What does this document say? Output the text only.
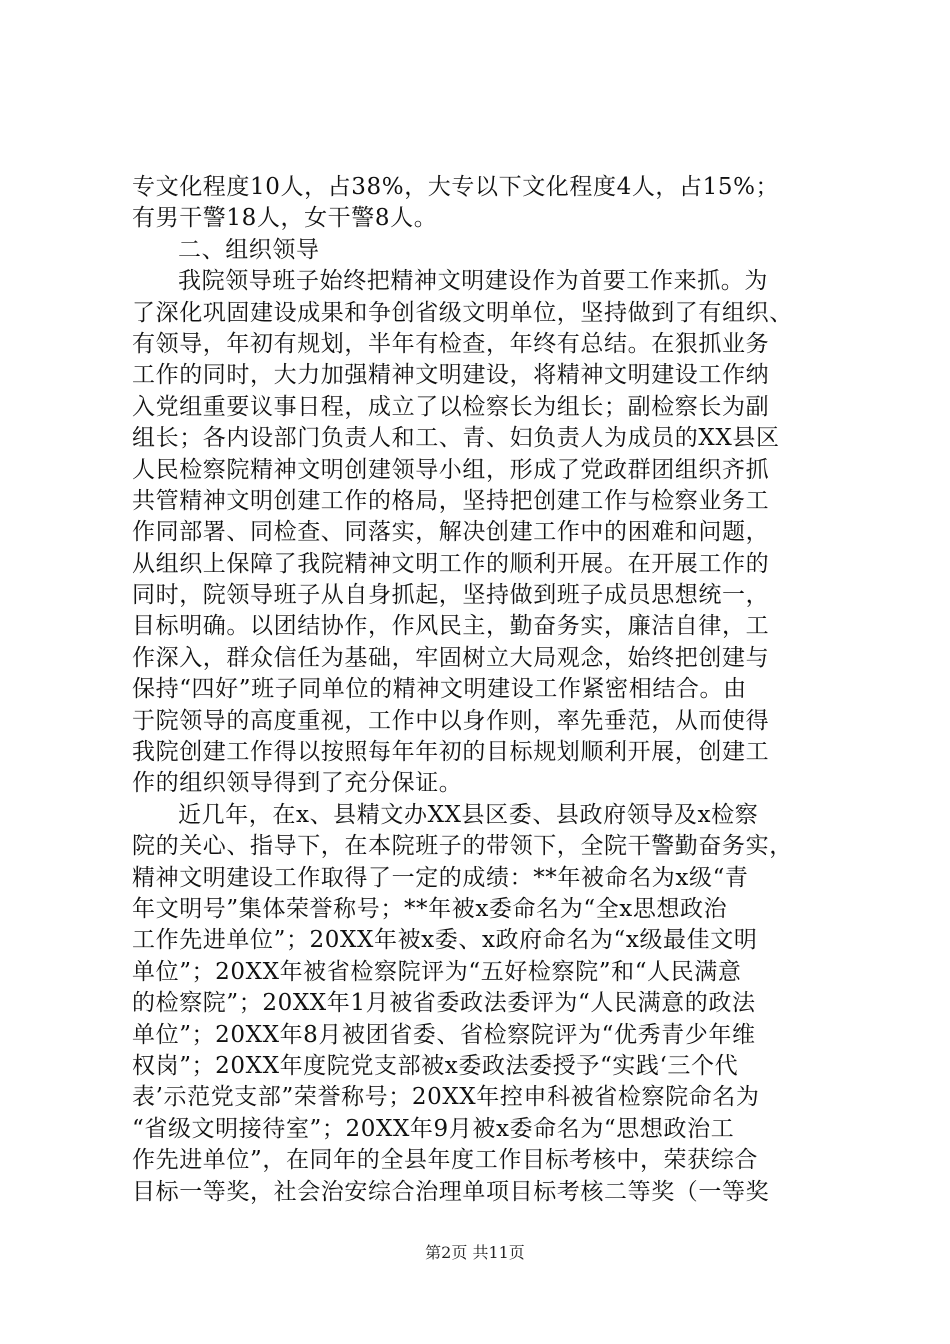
专文化程度10人，占38%，大专以下文化程度4人，占15%；
有男干警18人，女干警8人。
二、组织领导
我院领导班子始终把精神文明建设作为首要工作来抓。为
了深化巩固建设成果和争创省级文明单位，坚持做到了有组织、
有领导，年初有规划，半年有检查，年终有总结。在狠抓业务
工作的同时，大力加强精神文明建设，将精神文明建设工作纳
入党组重要议事日程，成立了以检察长为组长；副检察长为副
组长；各内设部门负责人和工、青、妇负责人为成员的XX县区
人民检察院精神文明创建领导小组，形成了党政群团组织齐抓
共管精神文明创建工作的格局，坚持把创建工作与检察业务工
作同部署、同检查、同落实，解决创建工作中的困难和问题，
从组织上保障了我院精神文明工作的顺利开展。在开展工作的
同时，院领导班子从自身抓起，坚持做到班子成员思想统一，
目标明确。以团结协作，作风民主，勤奋务实，廉洁自律，工
作深入，群众信任为基础，牢固树立大局观念，始终把创建与
保持“四好”班子同单位的精神文明建设工作紧密相结合。由
于院领导的高度重视，工作中以身作则，率先垂范，从而使得
我院创建工作得以按照每年年初的目标规划顺利开展，创建工
作的组织领导得到了充分保证。
近几年，在x、县精文办XX县区委、县政府领导及x检察
院的关心、指导下，在本院班子的带领下，全院干警勤奋务实，
精神文明建设工作取得了一定的成绩：**年被命名为x级“青
年文明号”集体荣誉称号；**年被x委命名为“全x思想政治
工作先进单位”；20XX年被x委、x政府命名为“x级最佳文明
单位”；20XX年被省检察院评为“五好检察院”和“人民满意
的检察院”；20XX年1月被省委政法委评为“人民满意的政法
单位”；20XX年8月被团省委、省检察院评为“优秀青少年维
权岗”；20XX年度院党支部被x委政法委授予“实践‘三个代
表’示范党支部”荣誉称号；20XX年控申科被省检察院命名为
“省级文明接待室”；20XX年9月被x委命名为“思想政治工
作先进单位”，在同年的全县年度工作目标考核中，荣获综合
目标一等奖，社会治安综合治理单项目标考核二等奖（一等奖
第2页 共11页
